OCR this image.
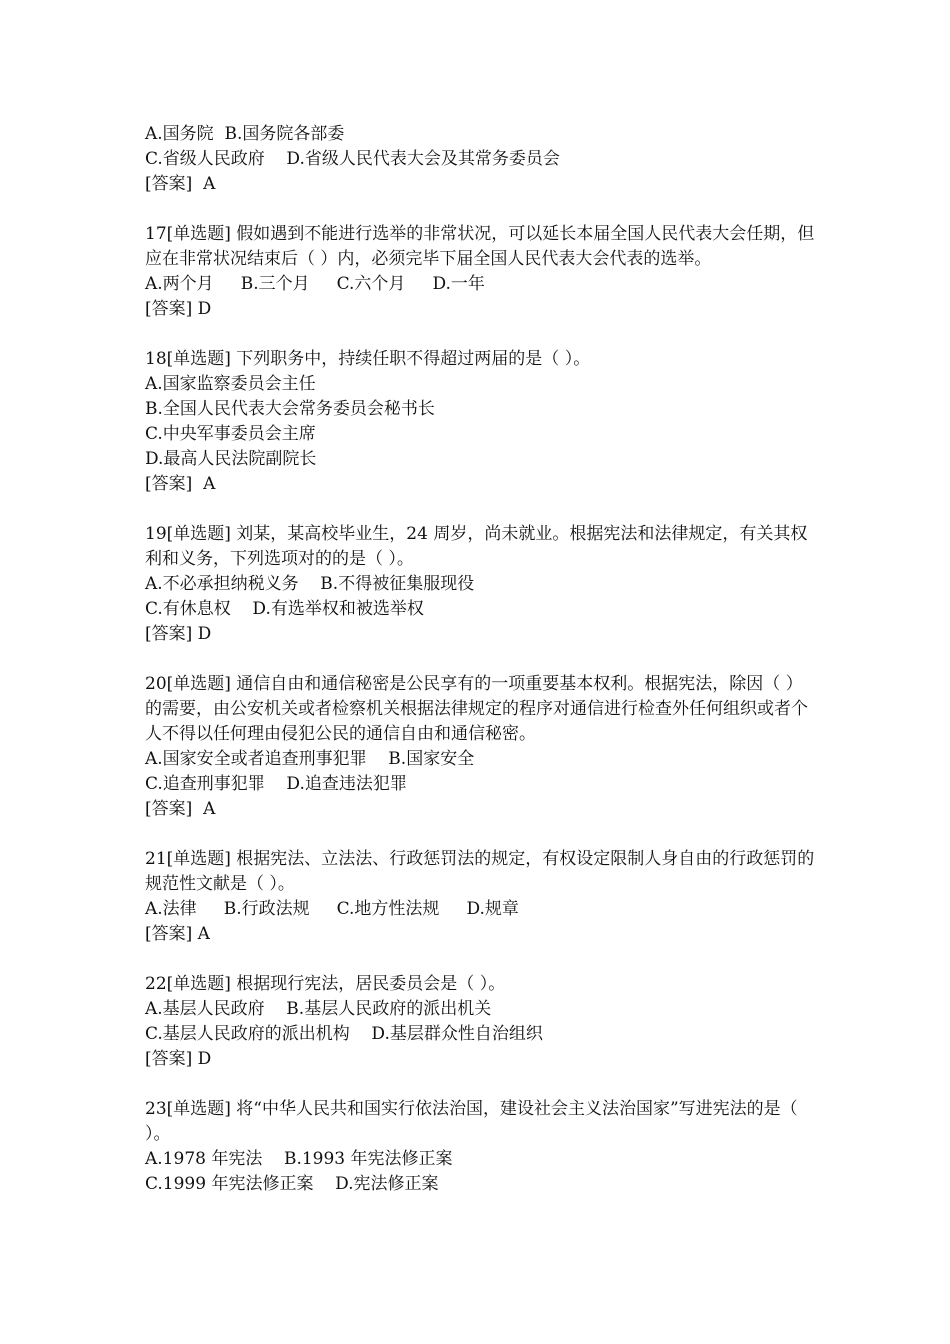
A.国务院  B.国务院各部委
C.省级人民政府    D.省级人民代表大会及其常务委员会
[答案]  A
17[单选题] 假如遇到不能进行选举的非常状况，可以延长本届全国人民代表大会任期，但应在非常状况结束后（ ）内，必须完毕下届全国人民代表大会代表的选举。
A.两个月     B.三个月     C.六个月     D.一年
[答案] D
18[单选题] 下列职务中，持续任职不得超过两届的是（ ）。
A.国家监察委员会主任
B.全国人民代表大会常务委员会秘书长
C.中央军事委员会主席
D.最高人民法院副院长
[答案]  A
19[单选题] 刘某，某高校毕业生，24 周岁，尚未就业。根据宪法和法律规定，有关其权利和义务，下列选项对的的是（ ）。
A.不必承担纳税义务    B.不得被征集服现役
C.有休息权    D.有选举权和被选举权
[答案] D
20[单选题] 通信自由和通信秘密是公民享有的一项重要基本权利。根据宪法，除因（ ）的需要，由公安机关或者检察机关根据法律规定的程序对通信进行检查外任何组织或者个人不得以任何理由侵犯公民的通信自由和通信秘密。
A.国家安全或者追查刑事犯罪    B.国家安全
C.追查刑事犯罪    D.追查违法犯罪
[答案]  A
21[单选题] 根据宪法、立法法、行政惩罚法的规定，有权设定限制人身自由的行政惩罚的规范性文献是（ ）。
A.法律     B.行政法规     C.地方性法规     D.规章
[答案] A
22[单选题] 根据现行宪法，居民委员会是（ ）。
A.基层人民政府    B.基层人民政府的派出机关
C.基层人民政府的派出机构    D.基层群众性自治组织
[答案] D
23[单选题] 将“中华人民共和国实行依法治国，建设社会主义法治国家”写进宪法的是（ ）。
A.1978 年宪法    B.1993 年宪法修正案
C.1999 年宪法修正案    D.宪法修正案
